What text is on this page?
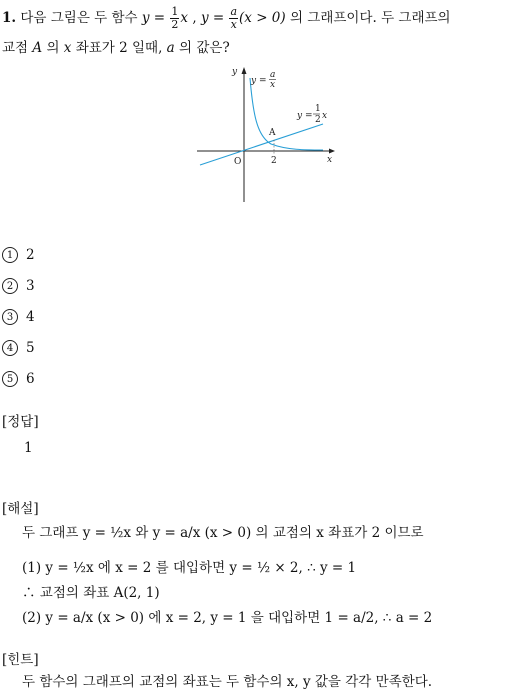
1. 다음 그림은 두 함수 $y = \frac{1}{2}$ x , $y = \frac{a}{x} (x > 0)$ 의 그래프이다. 두 그래프의
교점 A 의 x 좌표가 2 일때, a 의 값은?
y
y =
a
x
y =
1
2 x
A
O	2	x
1 2
2 3
3 4
4 5
5 6
[정답]
1
[해설]
두 그래프 y = ½x 와 y = a/x (x > 0) 의 교점의 x 좌표가 2 이므로
(1) y = ½x 에 x = 2 를 대입하면 y = ½ × 2, ∴ y = 1
∴ 교점의 좌표 A(2, 1)
(2) y = a/x (x > 0) 에 x = 2, y = 1 을 대입하면 1 = a/2, ∴ a = 2
[힌트]
두 함수의 그래프의 교점의 좌표는 두 함수의 x, y 값을 각각 만족한다.
